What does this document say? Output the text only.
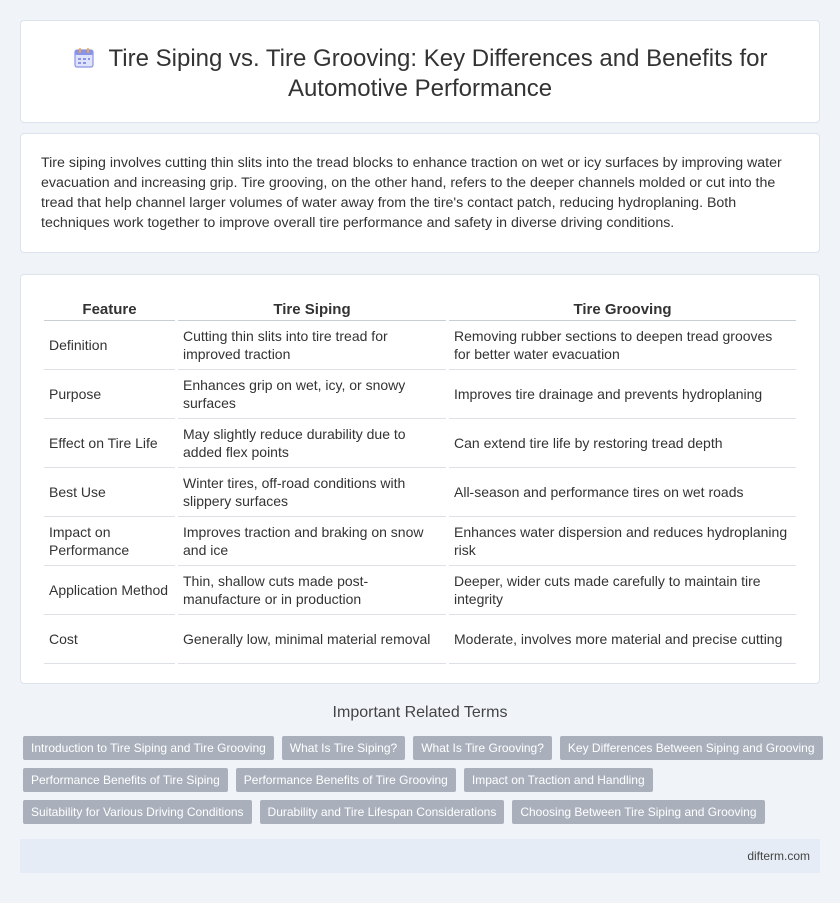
Tire Siping vs. Tire Grooving: Key Differences and Benefits for
Automotive Performance

Tire siping involves cutting thin slits into the tread blocks to enhance traction on wet or icy surfaces by improving water evacuation and increasing grip. Tire grooving, on the other hand, refers to the deeper channels molded or cut into the tread that help channel larger volumes of water away from the tire's contact patch, reducing hydroplaning. Both techniques work together to improve overall tire performance and safety in diverse driving conditions.

Feature	Tire Siping	Tire Grooving
Definition	Cutting thin slits into tire tread for improved traction	Removing rubber sections to deepen tread grooves for better water evacuation
Purpose	Enhances grip on wet, icy, or snowy surfaces	Improves tire drainage and prevents hydroplaning
Effect on Tire Life	May slightly reduce durability due to added flex points	Can extend tire life by restoring tread depth
Best Use	Winter tires, off-road conditions with slippery surfaces	All-season and performance tires on wet roads
Impact on Performance	Improves traction and braking on snow and ice	Enhances water dispersion and reduces hydroplaning risk
Application Method	Thin, shallow cuts made post-manufacture or in production	Deeper, wider cuts made carefully to maintain tire integrity
Cost	Generally low, minimal material removal	Moderate, involves more material and precise cutting
Important Related Terms
Introduction to Tire Siping and Tire Grooving	What Is Tire Siping?	What Is Tire Grooving?	Key Differences Between Siping and Grooving
Performance Benefits of Tire Siping	Performance Benefits of Tire Grooving	Impact on Traction and Handling
Suitability for Various Driving Conditions	Durability and Tire Lifespan Considerations	Choosing Between Tire Siping and Grooving
difterm.com
